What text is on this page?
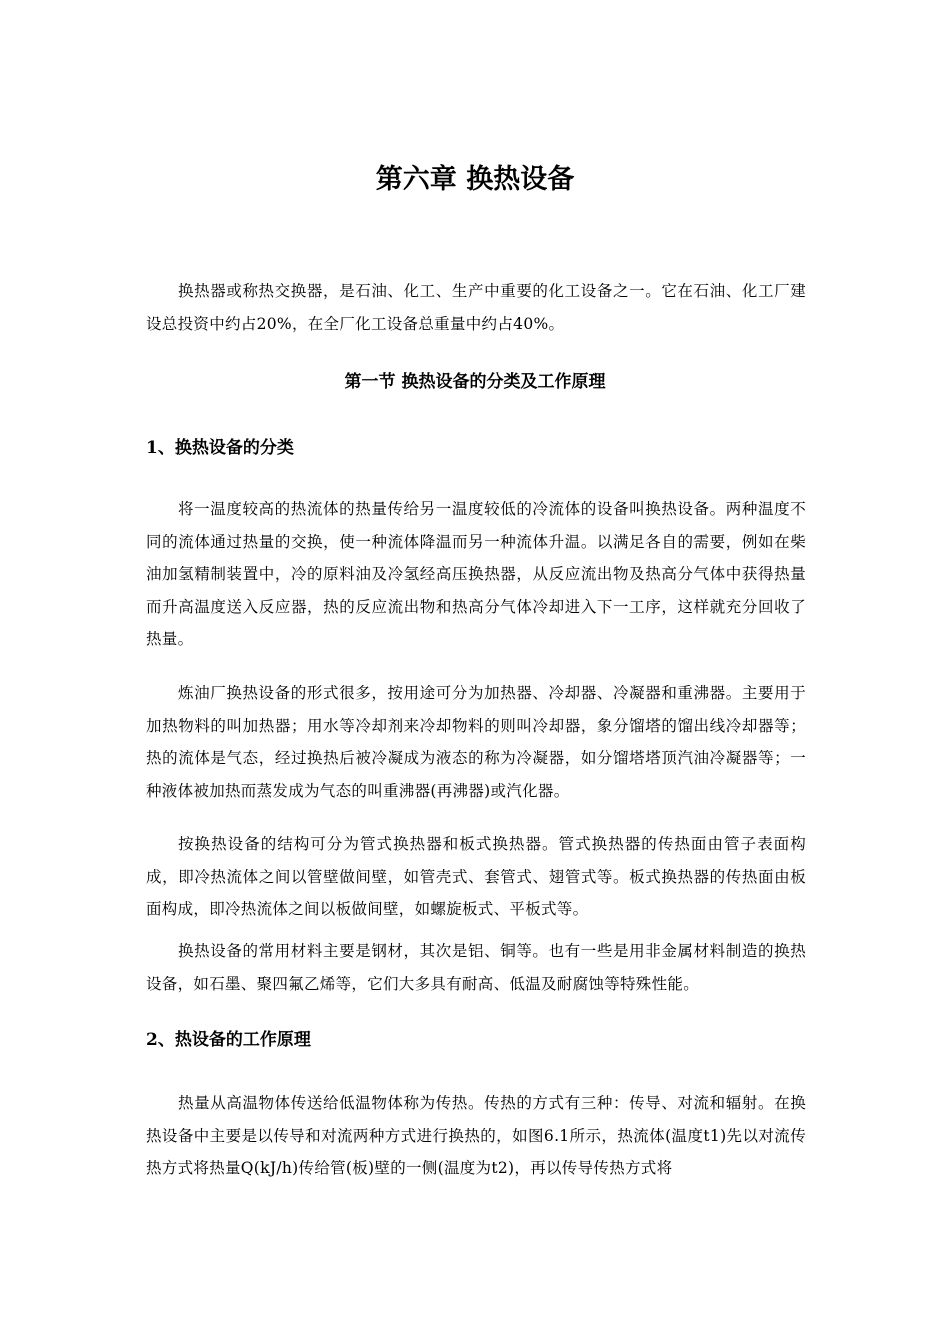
第六章 换热设备

换热器或称热交换器，是石油、化工、生产中重要的化工设备之一。它在石油、化工厂建设总投资中约占20%，在全厂化工设备总重量中约占40%。

第一节 换热设备的分类及工作原理
1、换热设备的分类

将一温度较高的热流体的热量传给另一温度较低的冷流体的设备叫换热设备。两种温度不同的流体通过热量的交换，使一种流体降温而另一种流体升温。以满足各自的需要，例如在柴油加氢精制装置中，冷的原料油及冷氢经高压换热器，从反应流出物及热高分气体中获得热量而升高温度送入反应器，热的反应流出物和热高分气体冷却进入下一工序，这样就充分回收了热量。

炼油厂换热设备的形式很多，按用途可分为加热器、冷却器、冷凝器和重沸器。主要用于加热物料的叫加热器；用水等冷却剂来冷却物料的则叫冷却器，象分馏塔的馏出线冷却器等；热的流体是气态，经过换热后被冷凝成为液态的称为冷凝器，如分馏塔塔顶汽油冷凝器等；一种液体被加热而蒸发成为气态的叫重沸器(再沸器)或汽化器。

按换热设备的结构可分为管式换热器和板式换热器。管式换热器的传热面由管子表面构成，即冷热流体之间以管壁做间壁，如管壳式、套管式、翅管式等。板式换热器的传热面由板面构成，即冷热流体之间以板做间壁，如螺旋板式、平板式等。

换热设备的常用材料主要是钢材，其次是铝、铜等。也有一些是用非金属材料制造的换热设备，如石墨、聚四氟乙烯等，它们大多具有耐高、低温及耐腐蚀等特殊性能。

2、热设备的工作原理

热量从高温物体传送给低温物体称为传热。传热的方式有三种：传导、对流和辐射。在换热设备中主要是以传导和对流两种方式进行换热的，如图6.1所示，热流体(温度t1)先以对流传热方式将热量Q(kJ/h)传给管(板)壁的一侧(温度为t2)，再以传导传热方式将
